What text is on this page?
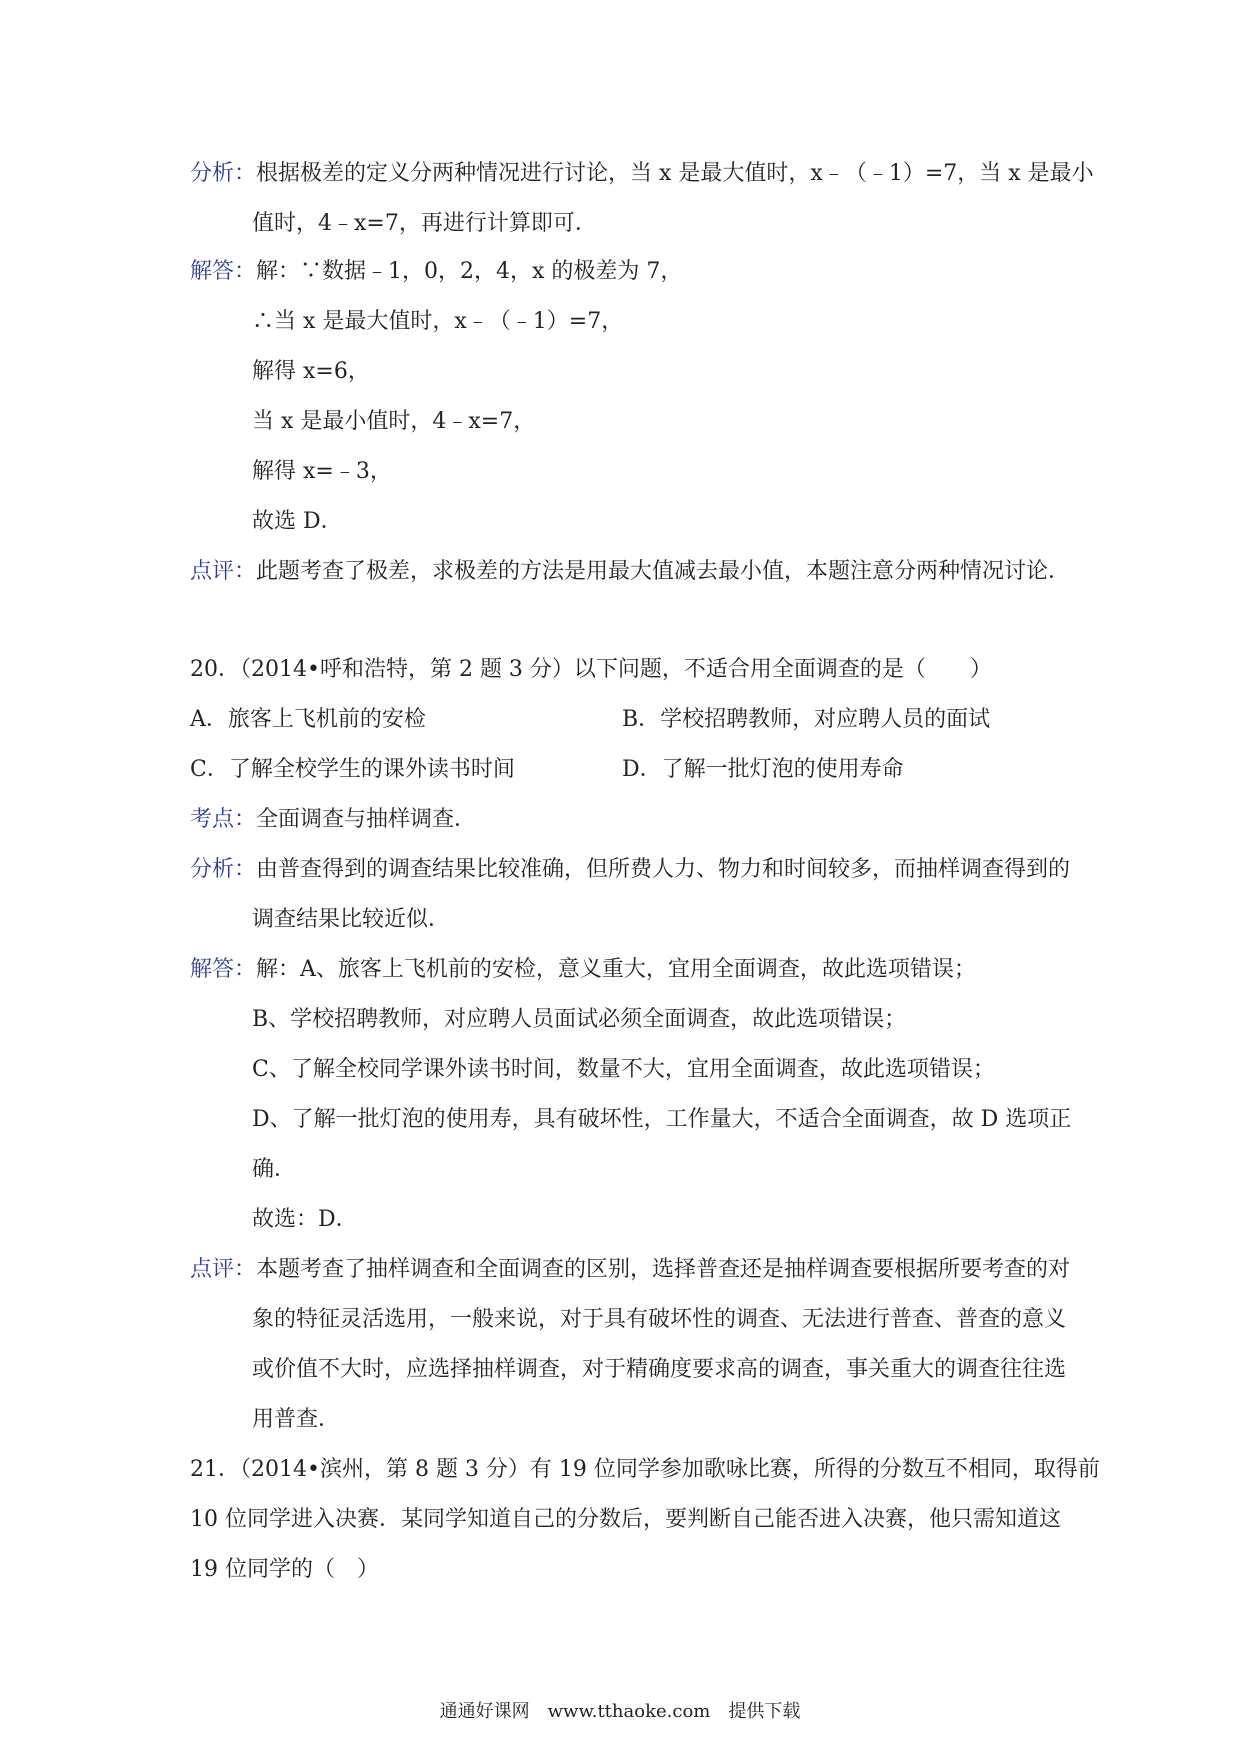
分析：根据极差的定义分两种情况进行讨论，当 x 是最大值时，x﹣（﹣1）=7，当 x 是最小
值时，4﹣x=7，再进行计算即可．
解答：解：∵数据﹣1，0，2，4，x 的极差为 7，
∴当 x 是最大值时，x﹣（﹣1）=7，
解得 x=6，
当 x 是最小值时，4﹣x=7，
解得 x=﹣3，
故选 D．
点评：此题考查了极差，求极差的方法是用最大值减去最小值，本题注意分两种情况讨论．
20．（2014•呼和浩特，第 2 题 3 分）以下问题，不适合用全面调查的是（　　）
A．旅客上飞机前的安检	B．学校招聘教师，对应聘人员的面试
C．了解全校学生的课外读书时间	D．了解一批灯泡的使用寿命
考点：全面调查与抽样调查．
分析：由普查得到的调查结果比较准确，但所费人力、物力和时间较多，而抽样调查得到的
调查结果比较近似．
解答：解：A、旅客上飞机前的安检，意义重大，宜用全面调查，故此选项错误；
B、学校招聘教师，对应聘人员面试必须全面调查，故此选项错误；
C、了解全校同学课外读书时间，数量不大，宜用全面调查，故此选项错误；
D、了解一批灯泡的使用寿，具有破坏性，工作量大，不适合全面调查，故 D 选项正
确．
故选：D．
点评：本题考查了抽样调查和全面调查的区别，选择普查还是抽样调查要根据所要考查的对
象的特征灵活选用，一般来说，对于具有破坏性的调查、无法进行普查、普查的意义
或价值不大时，应选择抽样调查，对于精确度要求高的调查，事关重大的调查往往选
用普查．
21．（2014•滨州，第 8 题 3 分）有 19 位同学参加歌咏比赛，所得的分数互不相同，取得前
10 位同学进入决赛．某同学知道自己的分数后，要判断自己能否进入决赛，他只需知道这
19 位同学的（　）
通通好课网　www.tthaoke.com　提供下载
